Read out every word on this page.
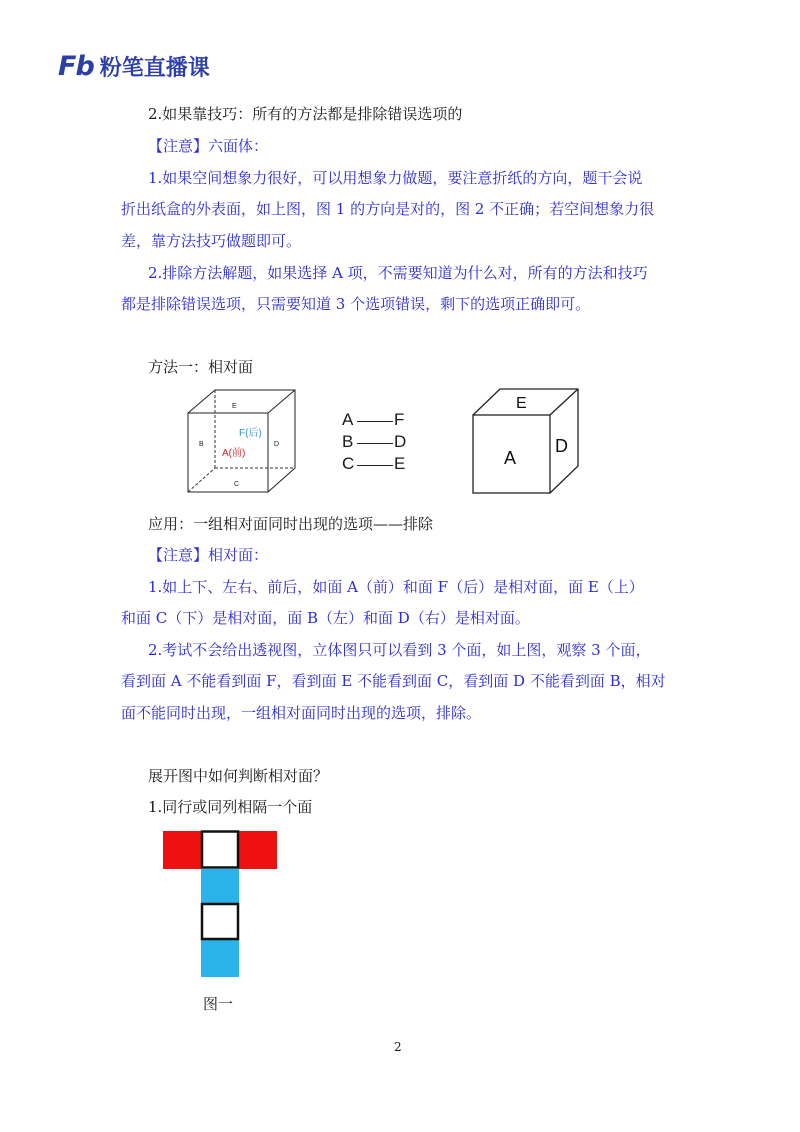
Fb 粉笔直播课
2.如果靠技巧：所有的方法都是排除错误选项的
【注意】六面体：
1.如果空间想象力很好，可以用想象力做题，要注意折纸的方向，题干会说
折出纸盒的外表面，如上图，图 1 的方向是对的，图 2 不正确；若空间想象力很
差，靠方法技巧做题即可。
2.排除方法解题，如果选择 A 项，不需要知道为什么对，所有的方法和技巧
都是排除错误选项，只需要知道 3 个选项错误，剩下的选项正确即可。
方法一：相对面
E
B	D
C
F(后)
A(前)
A F
B D
C E
E
A
D
应用：一组相对面同时出现的选项——排除
【注意】相对面：
1.如上下、左右、前后，如面 A（前）和面 F（后）是相对面，面 E（上）
和面 C（下）是相对面，面 B（左）和面 D（右）是相对面。
2.考试不会给出透视图，立体图只可以看到 3 个面，如上图，观察 3 个面，
看到面 A 不能看到面 F，看到面 E 不能看到面 C，看到面 D 不能看到面 B，相对
面不能同时出现，一组相对面同时出现的选项，排除。
展开图中如何判断相对面？
1.同行或同列相隔一个面
图一
2
